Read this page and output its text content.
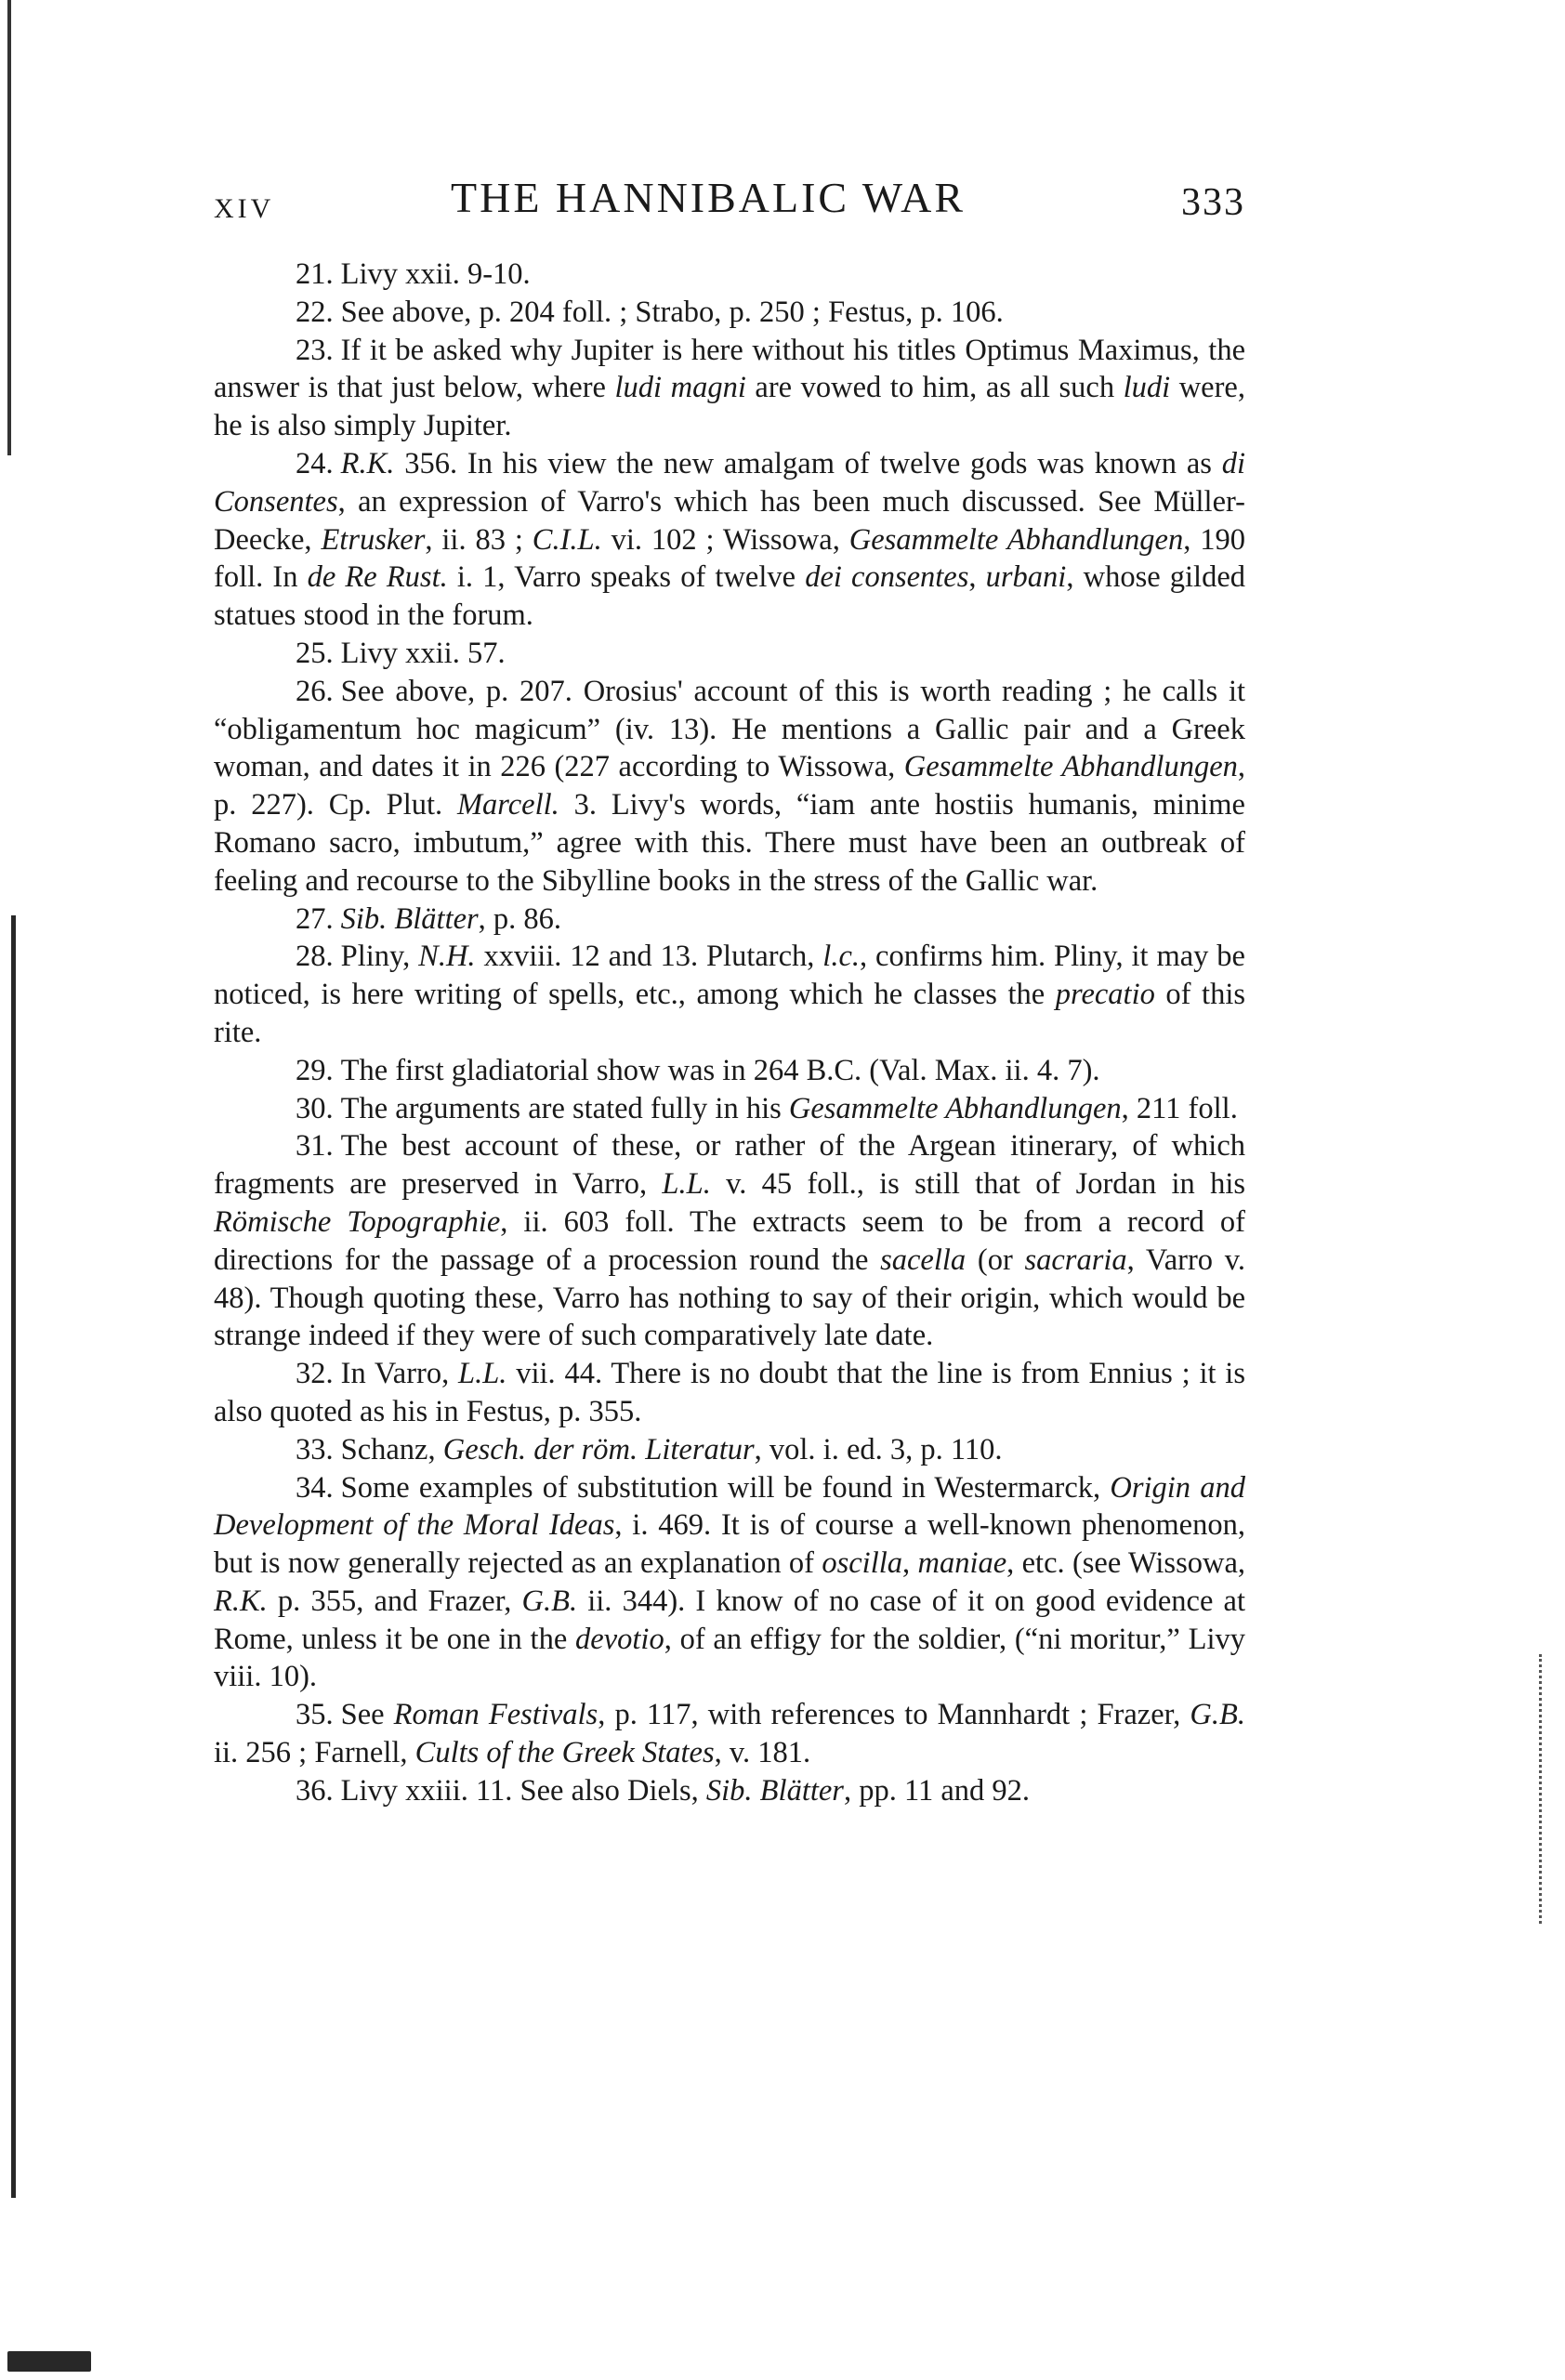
XIV	THE HANNIBALIC WAR	333

21. Livy xxii. 9-10.

22. See above, p. 204 foll. ; Strabo, p. 250 ; Festus, p. 106.

23. If it be asked why Jupiter is here without his titles Optimus Maximus, the answer is that just below, where ludi magni are vowed to him, as all such ludi were, he is also simply Jupiter.

24. R.K. 356. In his view the new amalgam of twelve gods was known as di Consentes, an expression of Varro's which has been much discussed. See Müller-Deecke, Etrusker, ii. 83 ; C.I.L. vi. 102 ; Wissowa, Gesammelte Abhandlungen, 190 foll. In de Re Rust. i. 1, Varro speaks of twelve dei consentes, urbani, whose gilded statues stood in the forum.

25. Livy xxii. 57.

26. See above, p. 207. Orosius' account of this is worth reading ; he calls it “obligamentum hoc magicum” (iv. 13). He mentions a Gallic pair and a Greek woman, and dates it in 226 (227 according to Wissowa, Gesammelte Abhandlungen, p. 227). Cp. Plut. Marcell. 3. Livy's words, “iam ante hostiis humanis, minime Romano sacro, imbutum,” agree with this. There must have been an outbreak of feeling and recourse to the Sibylline books in the stress of the Gallic war.

27. Sib. Blätter, p. 86.

28. Pliny, N.H. xxviii. 12 and 13. Plutarch, l.c., confirms him. Pliny, it may be noticed, is here writing of spells, etc., among which he classes the precatio of this rite.

29. The first gladiatorial show was in 264 B.C. (Val. Max. ii. 4. 7).

30. The arguments are stated fully in his Gesammelte Abhandlungen, 211 foll.

31. The best account of these, or rather of the Argean itinerary, of which fragments are preserved in Varro, L.L. v. 45 foll., is still that of Jordan in his Römische Topographie, ii. 603 foll. The extracts seem to be from a record of directions for the passage of a procession round the sacella (or sacraria, Varro v. 48). Though quoting these, Varro has nothing to say of their origin, which would be strange indeed if they were of such comparatively late date.

32. In Varro, L.L. vii. 44. There is no doubt that the line is from Ennius ; it is also quoted as his in Festus, p. 355.

33. Schanz, Gesch. der röm. Literatur, vol. i. ed. 3, p. 110.

34. Some examples of substitution will be found in Westermarck, Origin and Development of the Moral Ideas, i. 469. It is of course a well-known phenomenon, but is now generally rejected as an explanation of oscilla, maniae, etc. (see Wissowa, R.K. p. 355, and Frazer, G.B. ii. 344). I know of no case of it on good evidence at Rome, unless it be one in the devotio, of an effigy for the soldier, (“ni moritur,” Livy viii. 10).

35. See Roman Festivals, p. 117, with references to Mannhardt ; Frazer, G.B. ii. 256 ; Farnell, Cults of the Greek States, v. 181.

36. Livy xxiii. 11. See also Diels, Sib. Blätter, pp. 11 and 92.
